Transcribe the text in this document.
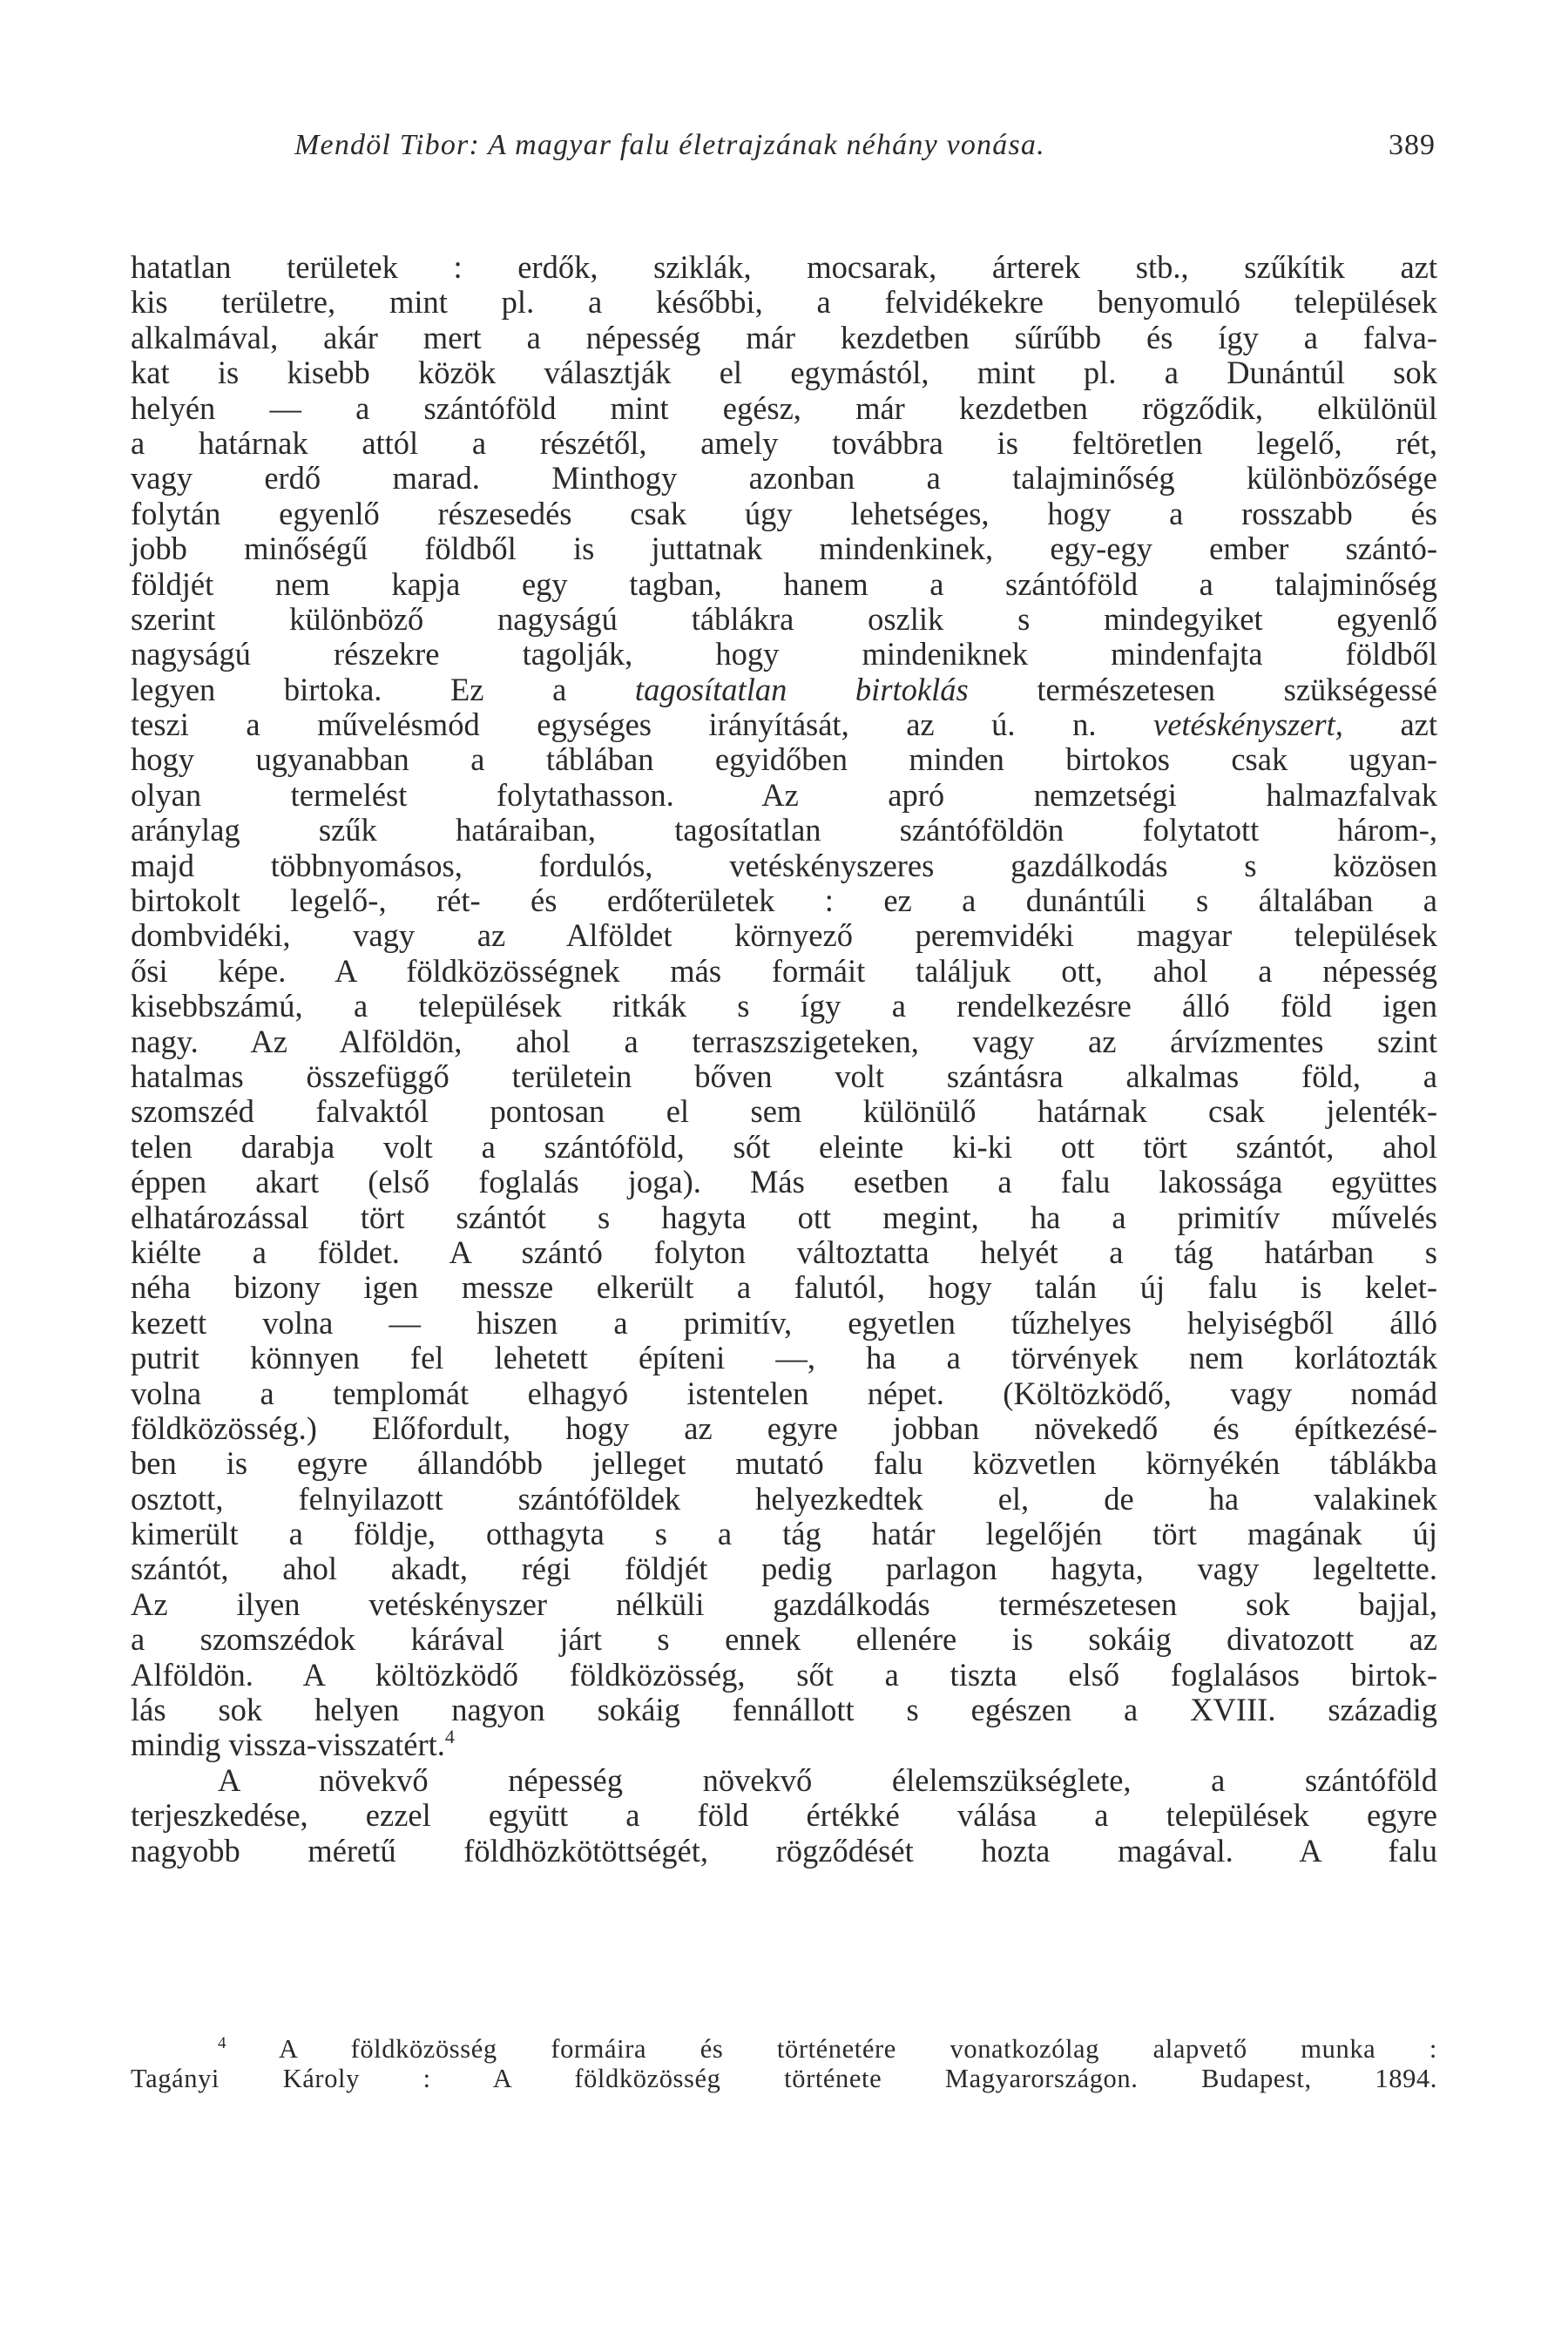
Mendöl Tibor: A magyar falu életrajzának néhány vonása.	389
hatatlan területek : erdők, sziklák, mocsarak, árterek stb., szűkítik azt
kis területre, mint pl. a későbbi, a felvidékekre benyomuló települések
alkalmával, akár mert a népesség már kezdetben sűrűbb és így a falva-
kat is kisebb közök választják el egymástól, mint pl. a Dunántúl sok
helyén — a szántóföld mint egész, már kezdetben rögződik, elkülönül
a határnak attól a részétől, amely továbbra is feltöretlen legelő, rét,
vagy erdő marad. Minthogy azonban a talajminőség különbözősége
folytán egyenlő részesedés csak úgy lehetséges, hogy a rosszabb és
jobb minőségű földből is juttatnak mindenkinek, egy-egy ember szántó-
földjét nem kapja egy tagban, hanem a szántóföld a talajminőség
szerint különböző nagyságú táblákra oszlik s mindegyiket egyenlő
nagyságú részekre tagolják, hogy mindeniknek mindenfajta földből
legyen birtoka. Ez a tagosítatlan birtoklás természetesen szükségessé
teszi a művelésmód egységes irányítását, az ú. n. vetéskényszert, azt
hogy ugyanabban a táblában egyidőben minden birtokos csak ugyan-
olyan termelést folytathasson. Az apró nemzetségi halmazfalvak
aránylag szűk határaiban, tagosítatlan szántóföldön folytatott három-,
majd többnyomásos, fordulós, vetéskényszeres gazdálkodás s közösen
birtokolt legelő-, rét- és erdőterületek : ez a dunántúli s általában a
dombvidéki, vagy az Alföldet környező peremvidéki magyar települések
ősi képe. A földközösségnek más formáit találjuk ott, ahol a népesség
kisebbszámú, a települések ritkák s így a rendelkezésre álló föld igen
nagy. Az Alföldön, ahol a terraszszigeteken, vagy az árvízmentes szint
hatalmas összefüggő területein bőven volt szántásra alkalmas föld, a
szomszéd falvaktól pontosan el sem különülő határnak csak jelenték-
telen darabja volt a szántóföld, sőt eleinte ki-ki ott tört szántót, ahol
éppen akart (első foglalás joga). Más esetben a falu lakossága együttes
elhatározással tört szántót s hagyta ott megint, ha a primitív művelés
kiélte a földet. A szántó folyton változtatta helyét a tág határban s
néha bizony igen messze elkerült a falutól, hogy talán új falu is kelet-
kezett volna — hiszen a primitív, egyetlen tűzhelyes helyiségből álló
putrit könnyen fel lehetett építeni —, ha a törvények nem korlátozták
volna a templomát elhagyó istentelen népet. (Költözködő, vagy nomád
földközösség.) Előfordult, hogy az egyre jobban növekedő és építkezésé-
ben is egyre állandóbb jelleget mutató falu közvetlen környékén táblákba
osztott, felnyilazott szántóföldek helyezkedtek el, de ha valakinek
kimerült a földje, otthagyta s a tág határ legelőjén tört magának új
szántót, ahol akadt, régi földjét pedig parlagon hagyta, vagy legeltette.
Az ilyen vetéskényszer nélküli gazdálkodás természetesen sok bajjal,
a szomszédok kárával járt s ennek ellenére is sokáig divatozott az
Alföldön. A költözködő földközösség, sőt a tiszta első foglalásos birtok-
lás sok helyen nagyon sokáig fennállott s egészen a XVIII. századig
mindig vissza-visszatért.$^4$
A növekvő népesség növekvő élelemszükséglete, a szántóföld
terjeszkedése, ezzel együtt a föld értékké válása a települések egyre
nagyobb méretű földhözkötöttségét, rögződését hozta magával. A falu
$^4$ A földközösség formáira és történetére vonatkozólag alapvető munka :
Tagányi Károly : A földközösség története Magyarországon. Budapest, 1894.
